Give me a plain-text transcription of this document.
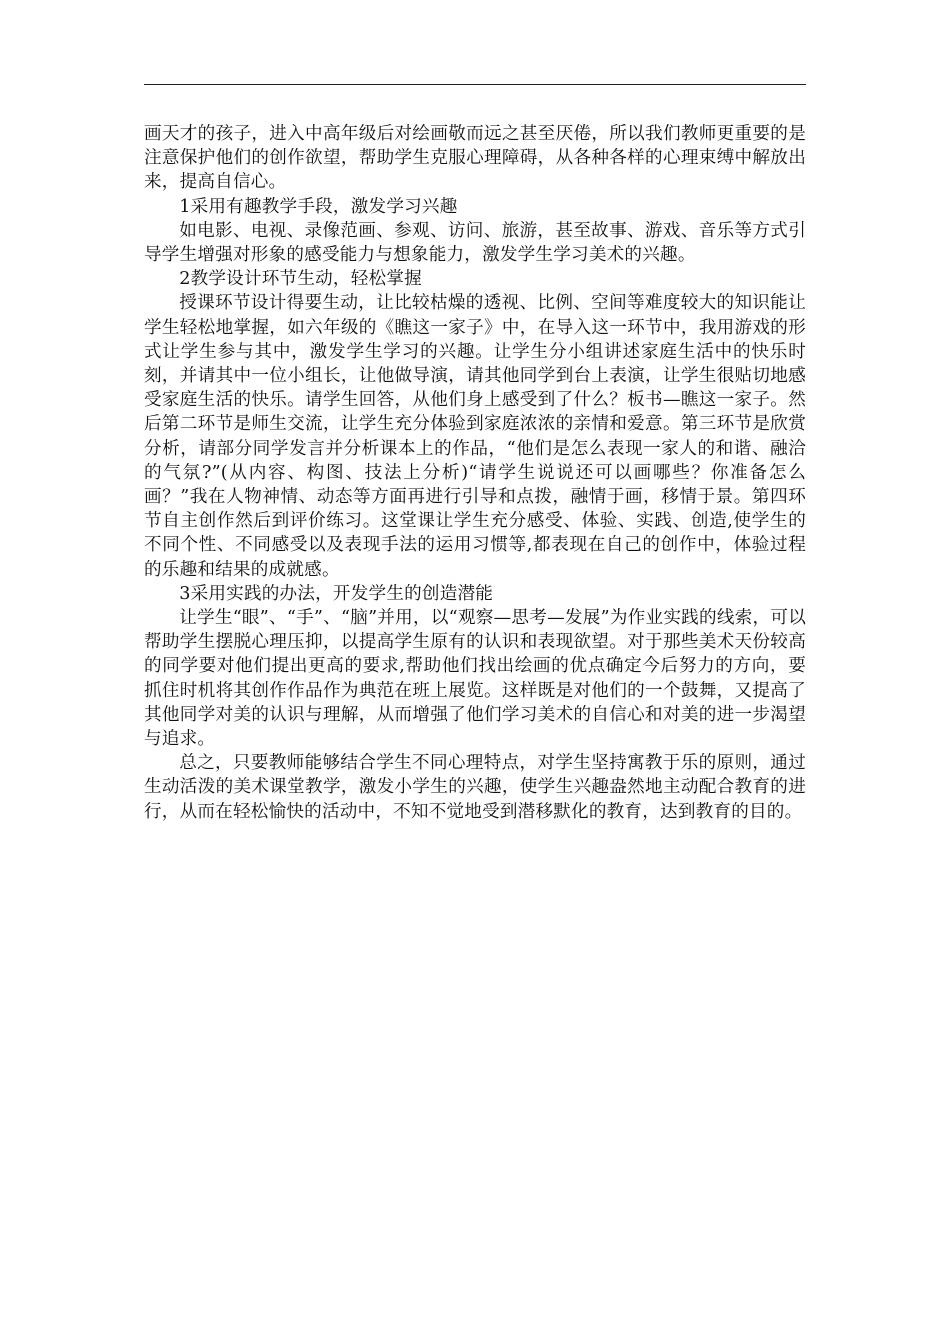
画天才的孩子，进入中高年级后对绘画敬而远之甚至厌倦，所以我们教师更重要的是注意保护他们的创作欲望，帮助学生克服心理障碍，从各种各样的心理束缚中解放出来，提高自信心。

1采用有趣教学手段，激发学习兴趣

如电影、电视、录像范画、参观、访问、旅游，甚至故事、游戏、音乐等方式引导学生增强对形象的感受能力与想象能力，激发学生学习美术的兴趣。

2教学设计环节生动，轻松掌握

授课环节设计得要生动，让比较枯燥的透视、比例、空间等难度较大的知识能让学生轻松地掌握，如六年级的《瞧这一家子》中，在导入这一环节中，我用游戏的形式让学生参与其中，激发学生学习的兴趣。让学生分小组讲述家庭生活中的快乐时刻，并请其中一位小组长，让他做导演，请其他同学到台上表演，让学生很贴切地感受家庭生活的快乐。请学生回答，从他们身上感受到了什么？板书—瞧这一家子。然后第二环节是师生交流，让学生充分体验到家庭浓浓的亲情和爱意。第三环节是欣赏分析，请部分同学发言并分析课本上的作品，“他们是怎么表现一家人的和谐、融洽的气氛?”(从内容、构图、技法上分析)“请学生说说还可以画哪些？你准备怎么画？”我在人物神情、动态等方面再进行引导和点拨，融情于画，移情于景。第四环节自主创作然后到评价练习。这堂课让学生充分感受、体验、实践、创造,使学生的不同个性、不同感受以及表现手法的运用习惯等,都表现在自己的创作中，体验过程的乐趣和结果的成就感。

3采用实践的办法，开发学生的创造潜能

让学生“眼”、“手”、“脑”并用，以“观察—思考—发展”为作业实践的线索，可以帮助学生摆脱心理压抑，以提高学生原有的认识和表现欲望。对于那些美术天份较高的同学要对他们提出更高的要求,帮助他们找出绘画的优点确定今后努力的方向，要抓住时机将其创作作品作为典范在班上展览。这样既是对他们的一个鼓舞，又提高了其他同学对美的认识与理解，从而增强了他们学习美术的自信心和对美的进一步渴望与追求。

总之，只要教师能够结合学生不同心理特点，对学生坚持寓教于乐的原则，通过生动活泼的美术课堂教学，激发小学生的兴趣，使学生兴趣盎然地主动配合教育的进行，从而在轻松愉快的活动中，不知不觉地受到潜移默化的教育，达到教育的目的。
